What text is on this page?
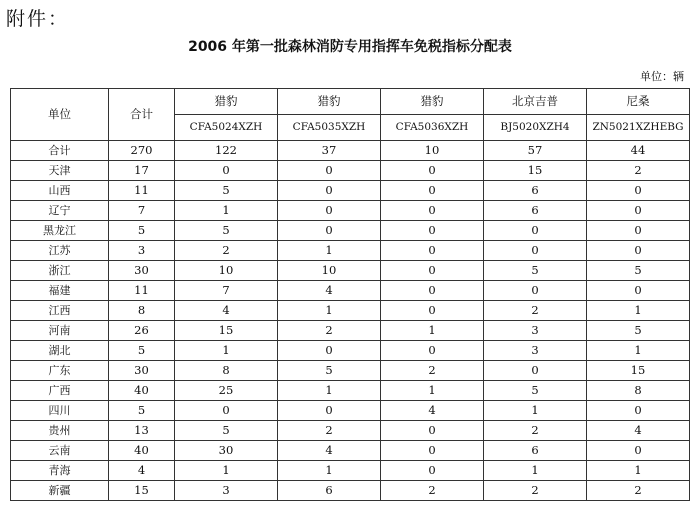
附件：
2006 年第一批森林消防专用指挥车免税指标分配表
单位：辆
单位	合计	猎豹	猎豹	猎豹	北京吉普	尼桑
		CFA5024XZH	CFA5035XZH	CFA5036XZH	BJ5020XZH4	ZN5021XZHEBG
合计	270	122	37	10	57	44
天津	17	0	0	0	15	2
山西	11	5	0	0	6	0
辽宁	7	1	0	0	6	0
黑龙江	5	5	0	0	0	0
江苏	3	2	1	0	0	0
浙江	30	10	10	0	5	5
福建	11	7	4	0	0	0
江西	8	4	1	0	2	1
河南	26	15	2	1	3	5
湖北	5	1	0	0	3	1
广东	30	8	5	2	0	15
广西	40	25	1	1	5	8
四川	5	0	0	4	1	0
贵州	13	5	2	0	2	4
云南	40	30	4	0	6	0
青海	4	1	1	0	1	1
新疆	15	3	6	2	2	2
